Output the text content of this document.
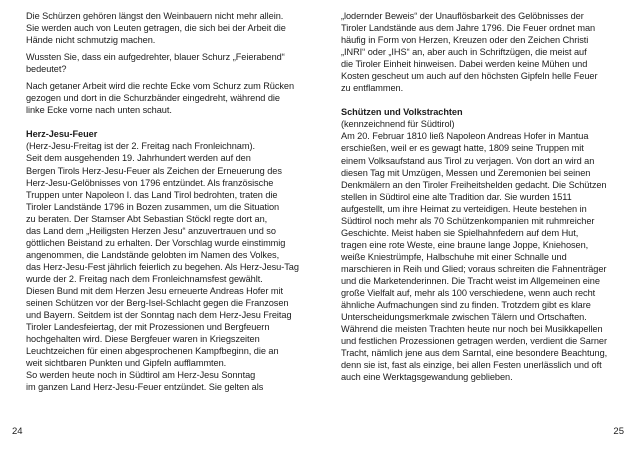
Die Schürzen gehören längst den Weinbauern nicht mehr allein.
Sie werden auch von Leuten getragen, die sich bei der Arbeit die
Hände nicht schmutzig machen.

Wussten Sie, dass ein aufgedrehter, blauer Schurz „Feierabend“
bedeutet?

Nach getaner Arbeit wird die rechte Ecke vom Schurz zum Rücken
gezogen und dort in die Schurzbänder eingedreht, während die
linke Ecke vorne nach unten schaut.

Herz-Jesu-Feuer

(Herz-Jesu-Freitag ist der 2. Freitag nach Fronleichnam).
Seit dem ausgehenden 19. Jahrhundert werden auf den
Bergen Tirols Herz-Jesu-Feuer als Zeichen der Erneuerung des
Herz-Jesu-Gelöbnisses von 1796 entzündet. Als französische
Truppen unter Napoleon I. das Land Tirol bedrohten, traten die
Tiroler Landstände 1796 in Bozen zusammen, um die Situation
zu beraten. Der Stamser Abt Sebastian Stöckl regte dort an,
das Land dem „Heiligsten Herzen Jesu“ anzuvertrauen und so
göttlichen Beistand zu erhalten. Der Vorschlag wurde einstimmig
angenommen, die Landstände gelobten im Namen des Volkes,
das Herz-Jesu-Fest jährlich feierlich zu begehen. Als Herz-Jesu-Tag
wurde der 2. Freitag nach dem Fronleichnamsfest gewählt.
Diesen Bund mit dem Herzen Jesu erneuerte Andreas Hofer mit
seinen Schützen vor der Berg-Isel-Schlacht gegen die Franzosen
und Bayern. Seitdem ist der Sonntag nach dem Herz-Jesu Freitag
Tiroler Landesfeiertag, der mit Prozessionen und Bergfeuern
hochgehalten wird. Diese Bergfeuer waren in Kriegszeiten
Leuchtzeichen für einen abgesprochenen Kampfbeginn, die an
weit sichtbaren Punkten und Gipfeln aufflammten.
So werden heute noch in Südtirol am Herz-Jesu Sonntag
im ganzen Land Herz-Jesu-Feuer entzündet. Sie gelten als

„lodernder Beweis“ der Unauflösbarkeit des Gelöbnisses der
Tiroler Landstände aus dem Jahre 1796. Die Feuer ordnet man
häufig in Form von Herzen, Kreuzen oder den Zeichen Christi
„INRI“ oder „IHS“ an, aber auch in Schriftzügen, die meist auf
die Tiroler Einheit hinweisen. Dabei werden keine Mühen und
Kosten gescheut um auch auf den höchsten Gipfeln helle Feuer
zu entflammen.

Schützen und Volkstrachten

(kennzeichnend für Südtirol)
Am 20. Februar 1810 ließ Napoleon Andreas Hofer in Mantua
erschießen, weil er es gewagt hatte, 1809 seine Truppen mit
einem Volksaufstand aus Tirol zu verjagen. Von dort an wird an
diesen Tag mit Umzügen, Messen und Zeremonien bei seinen
Denkmälern an den Tiroler Freiheitshelden gedacht. Die Schützen
stellen in Südtirol eine alte Tradition dar. Sie wurden 1511
aufgestellt, um ihre Heimat zu verteidigen. Heute bestehen in
Südtirol noch mehr als 70 Schützenkompanien mit ruhmreicher
Geschichte. Meist haben sie Spielhahnfedern auf dem Hut,
tragen eine rote Weste, eine braune lange Joppe, Kniehosen,
weiße Kniestrümpfe, Halbschuhe mit einer Schnalle und
marschieren in Reih und Glied; voraus schreiten die Fahnenträger
und die Marketenderinnen. Die Tracht weist im Allgemeinen eine
große Vielfalt auf, mehr als 100 verschiedene, wenn auch recht
ähnliche Aufmachungen sind zu finden. Trotzdem gibt es klare
Unterscheidungsmerkmale zwischen Tälern und Ortschaften.
Während die meisten Trachten heute nur noch bei Musikkapellen
und festlichen Prozessionen getragen werden, verdient die Sarner
Tracht, nämlich jene aus dem Sarntal, eine besondere Beachtung,
denn sie ist, fast als einzige, bei allen Festen unerlässlich und oft
auch eine Werktagsgewandung geblieben.

24	25
